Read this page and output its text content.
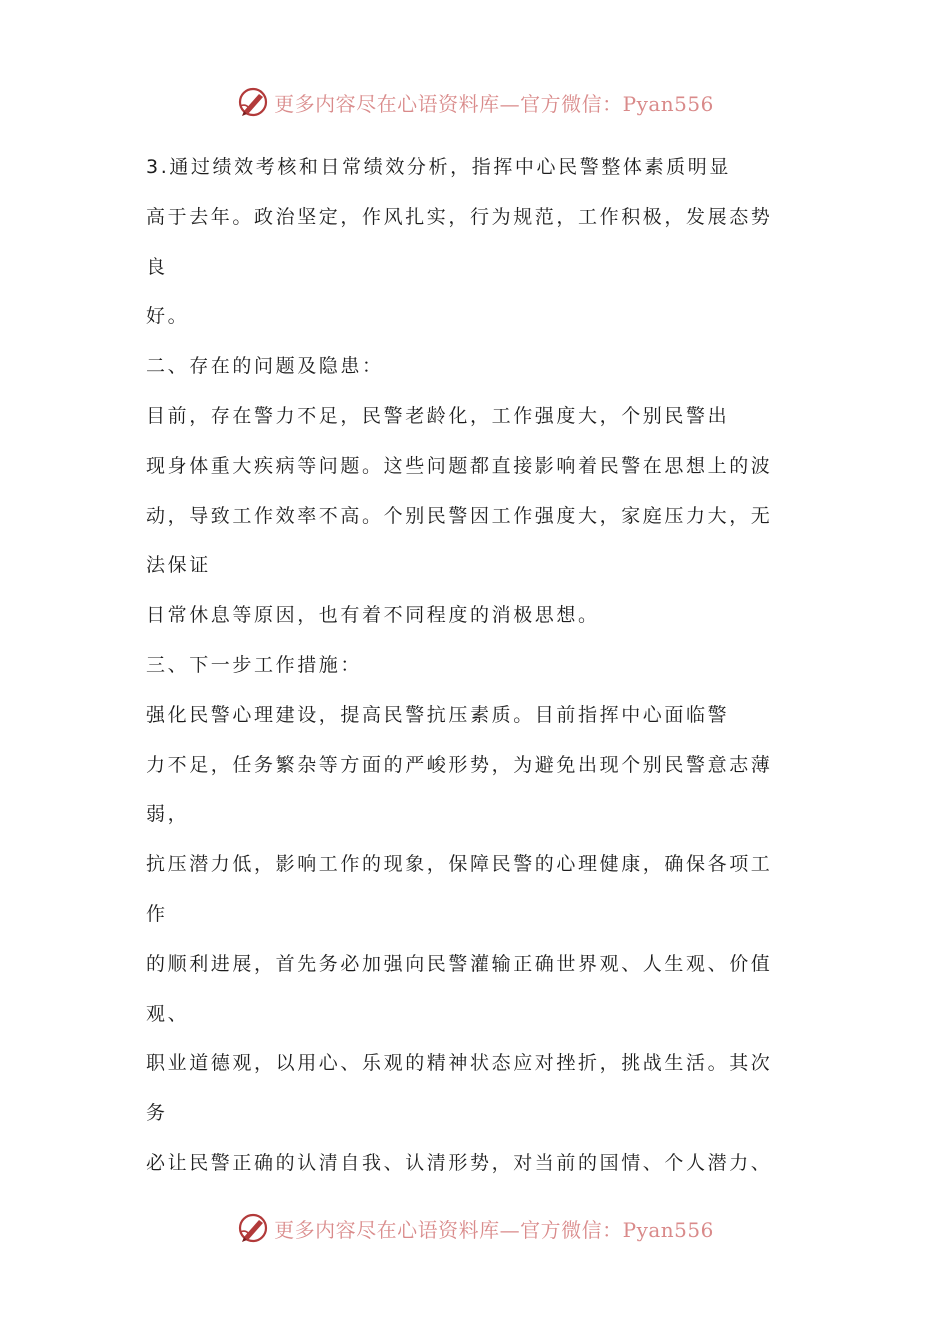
更多内容尽在心语资料库—官方微信：Pyan556
3.通过绩效考核和日常绩效分析，指挥中心民警整体素质明显
高于去年。政治坚定，作风扎实，行为规范，工作积极，发展态势
良
好。
二、存在的问题及隐患：
目前，存在警力不足，民警老龄化，工作强度大，个别民警出
现身体重大疾病等问题。这些问题都直接影响着民警在思想上的波
动，导致工作效率不高。个别民警因工作强度大，家庭压力大，无
法保证
日常休息等原因，也有着不同程度的消极思想。
三、下一步工作措施：
强化民警心理建设，提高民警抗压素质。目前指挥中心面临警
力不足，任务繁杂等方面的严峻形势，为避免出现个别民警意志薄
弱，
抗压潜力低，影响工作的现象，保障民警的心理健康，确保各项工
作
的顺利进展，首先务必加强向民警灌输正确世界观、人生观、价值
观、
职业道德观，以用心、乐观的精神状态应对挫折，挑战生活。其次
务
必让民警正确的认清自我、认清形势，对当前的国情、个人潜力、
更多内容尽在心语资料库—官方微信：Pyan556
